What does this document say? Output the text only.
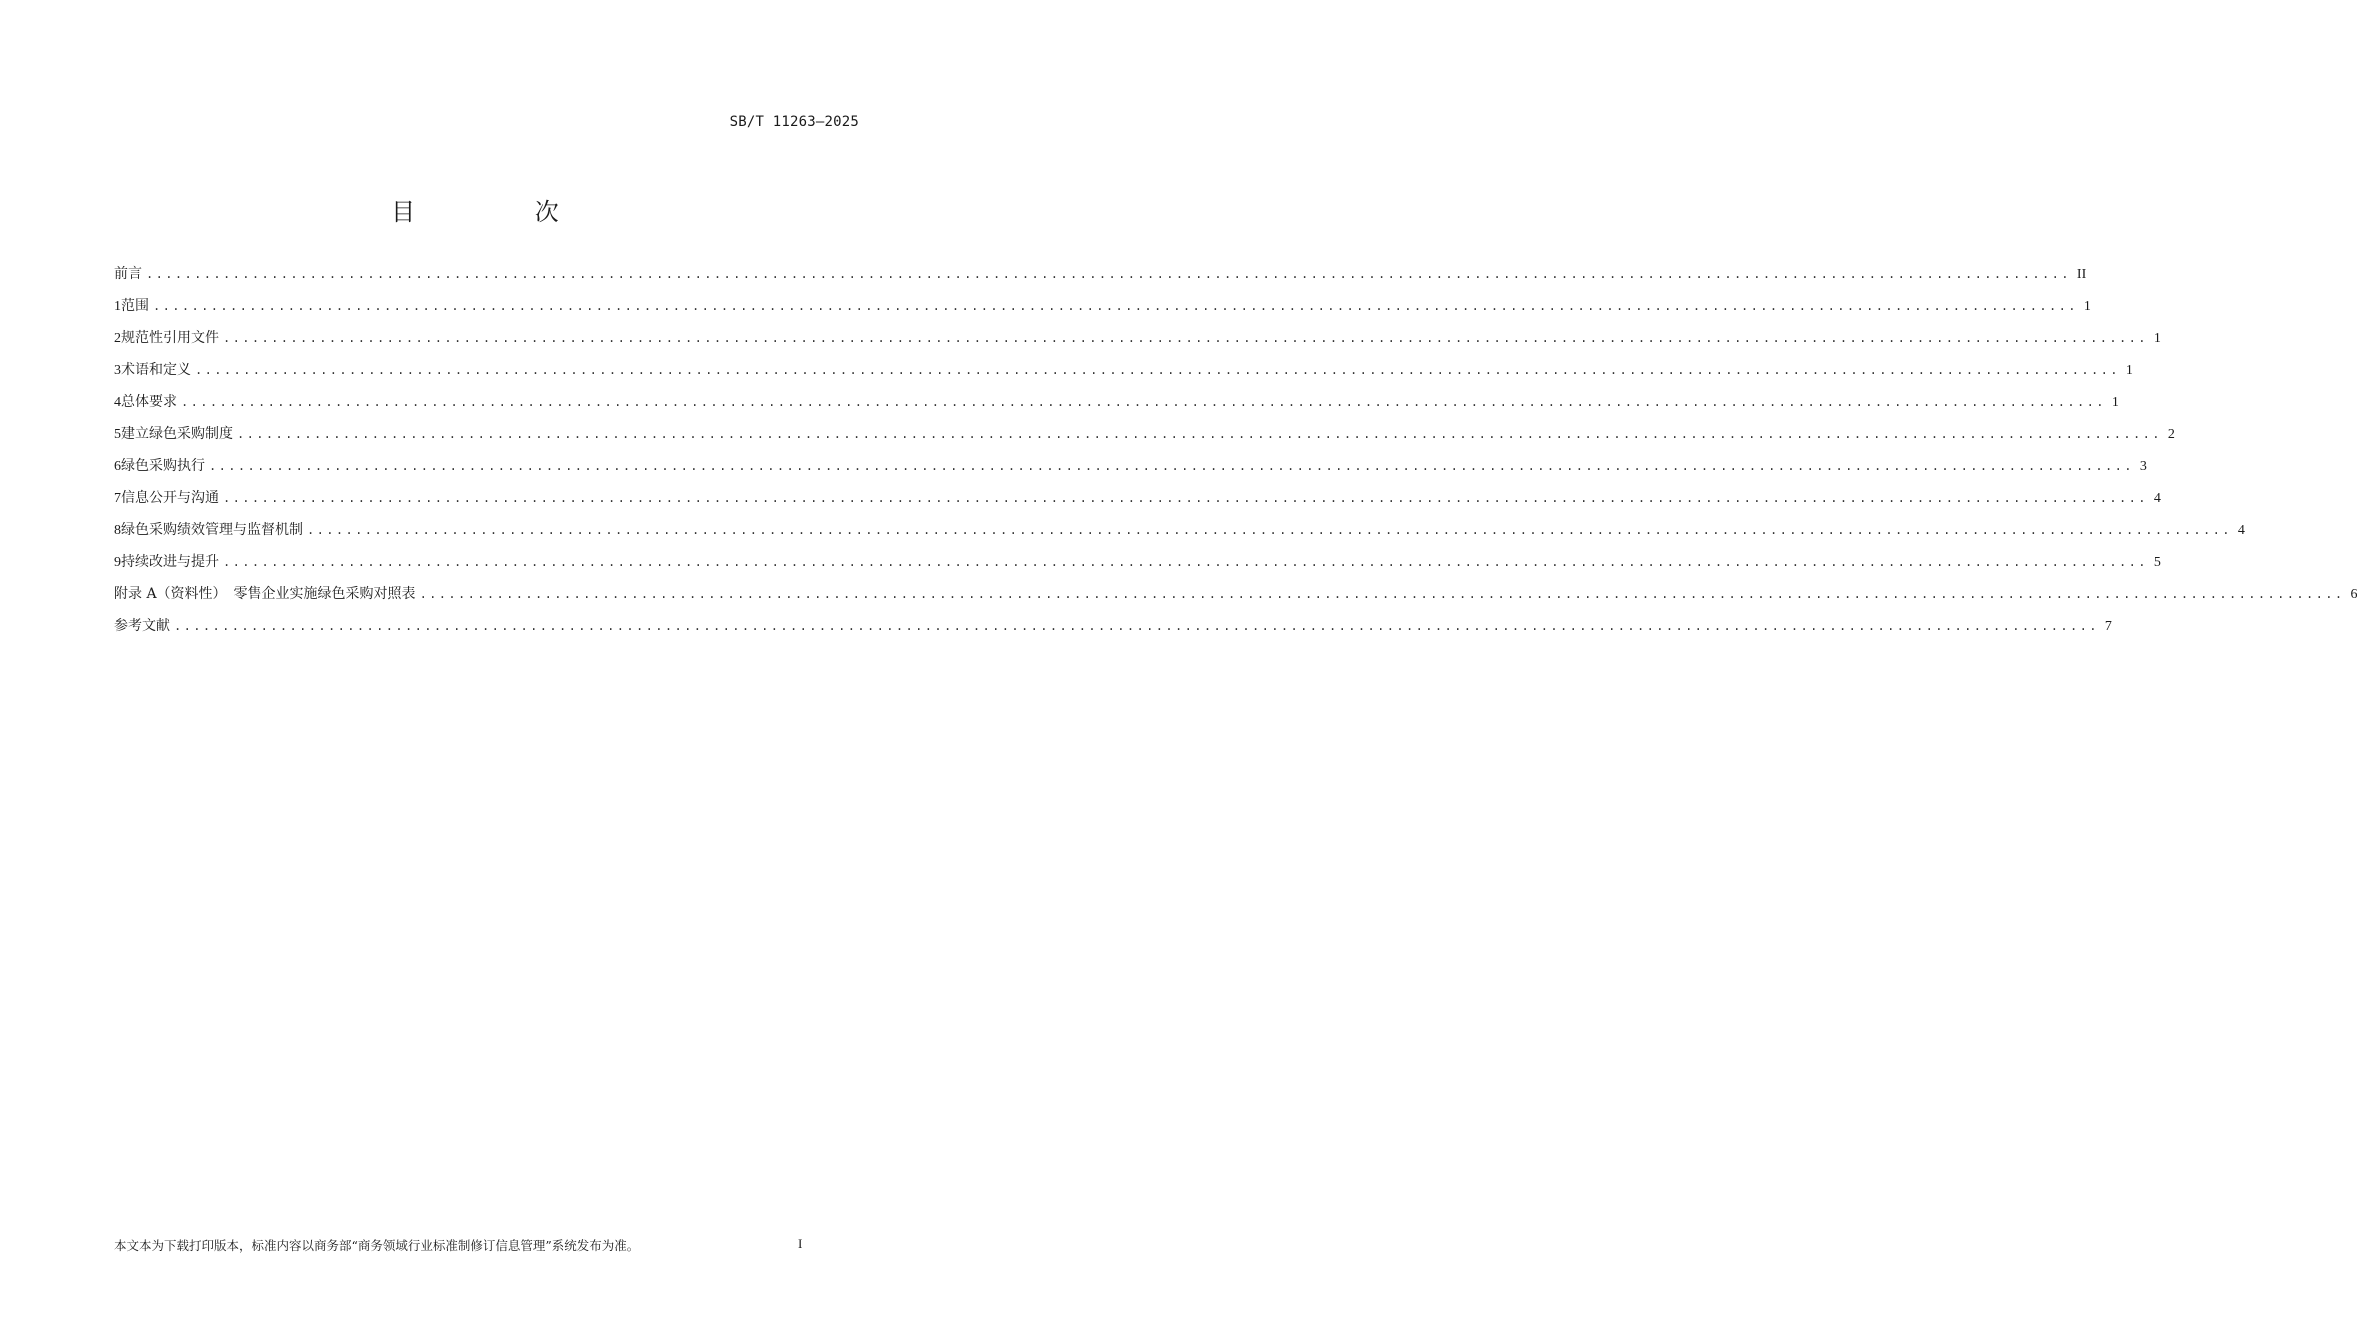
SB/T 11263—2025
目 次
前言 ........................................................................................................................................................................................................ II
1 范围 ........................................................................................................................................................................................................ 1
2 规范性引用文件 ........................................................................................................................................................................................................ 1
3 术语和定义 ........................................................................................................................................................................................................ 1
4 总体要求 ........................................................................................................................................................................................................ 1
5 建立绿色采购制度 ........................................................................................................................................................................................................ 2
6 绿色采购执行 ........................................................................................................................................................................................................ 3
7 信息公开与沟通 ........................................................................................................................................................................................................ 4
8 绿色采购绩效管理与监督机制 ........................................................................................................................................................................................................ 4
9 持续改进与提升 ........................................................................................................................................................................................................ 5
附录 A（资料性）　零售企业实施绿色采购对照表 ........................................................................................................................................................................................................ 6
参考文献 ........................................................................................................................................................................................................ 7
本文本为下载打印版本，标准内容以商务部“商务领域行业标准制修订信息管理”系统发布为准。	I
